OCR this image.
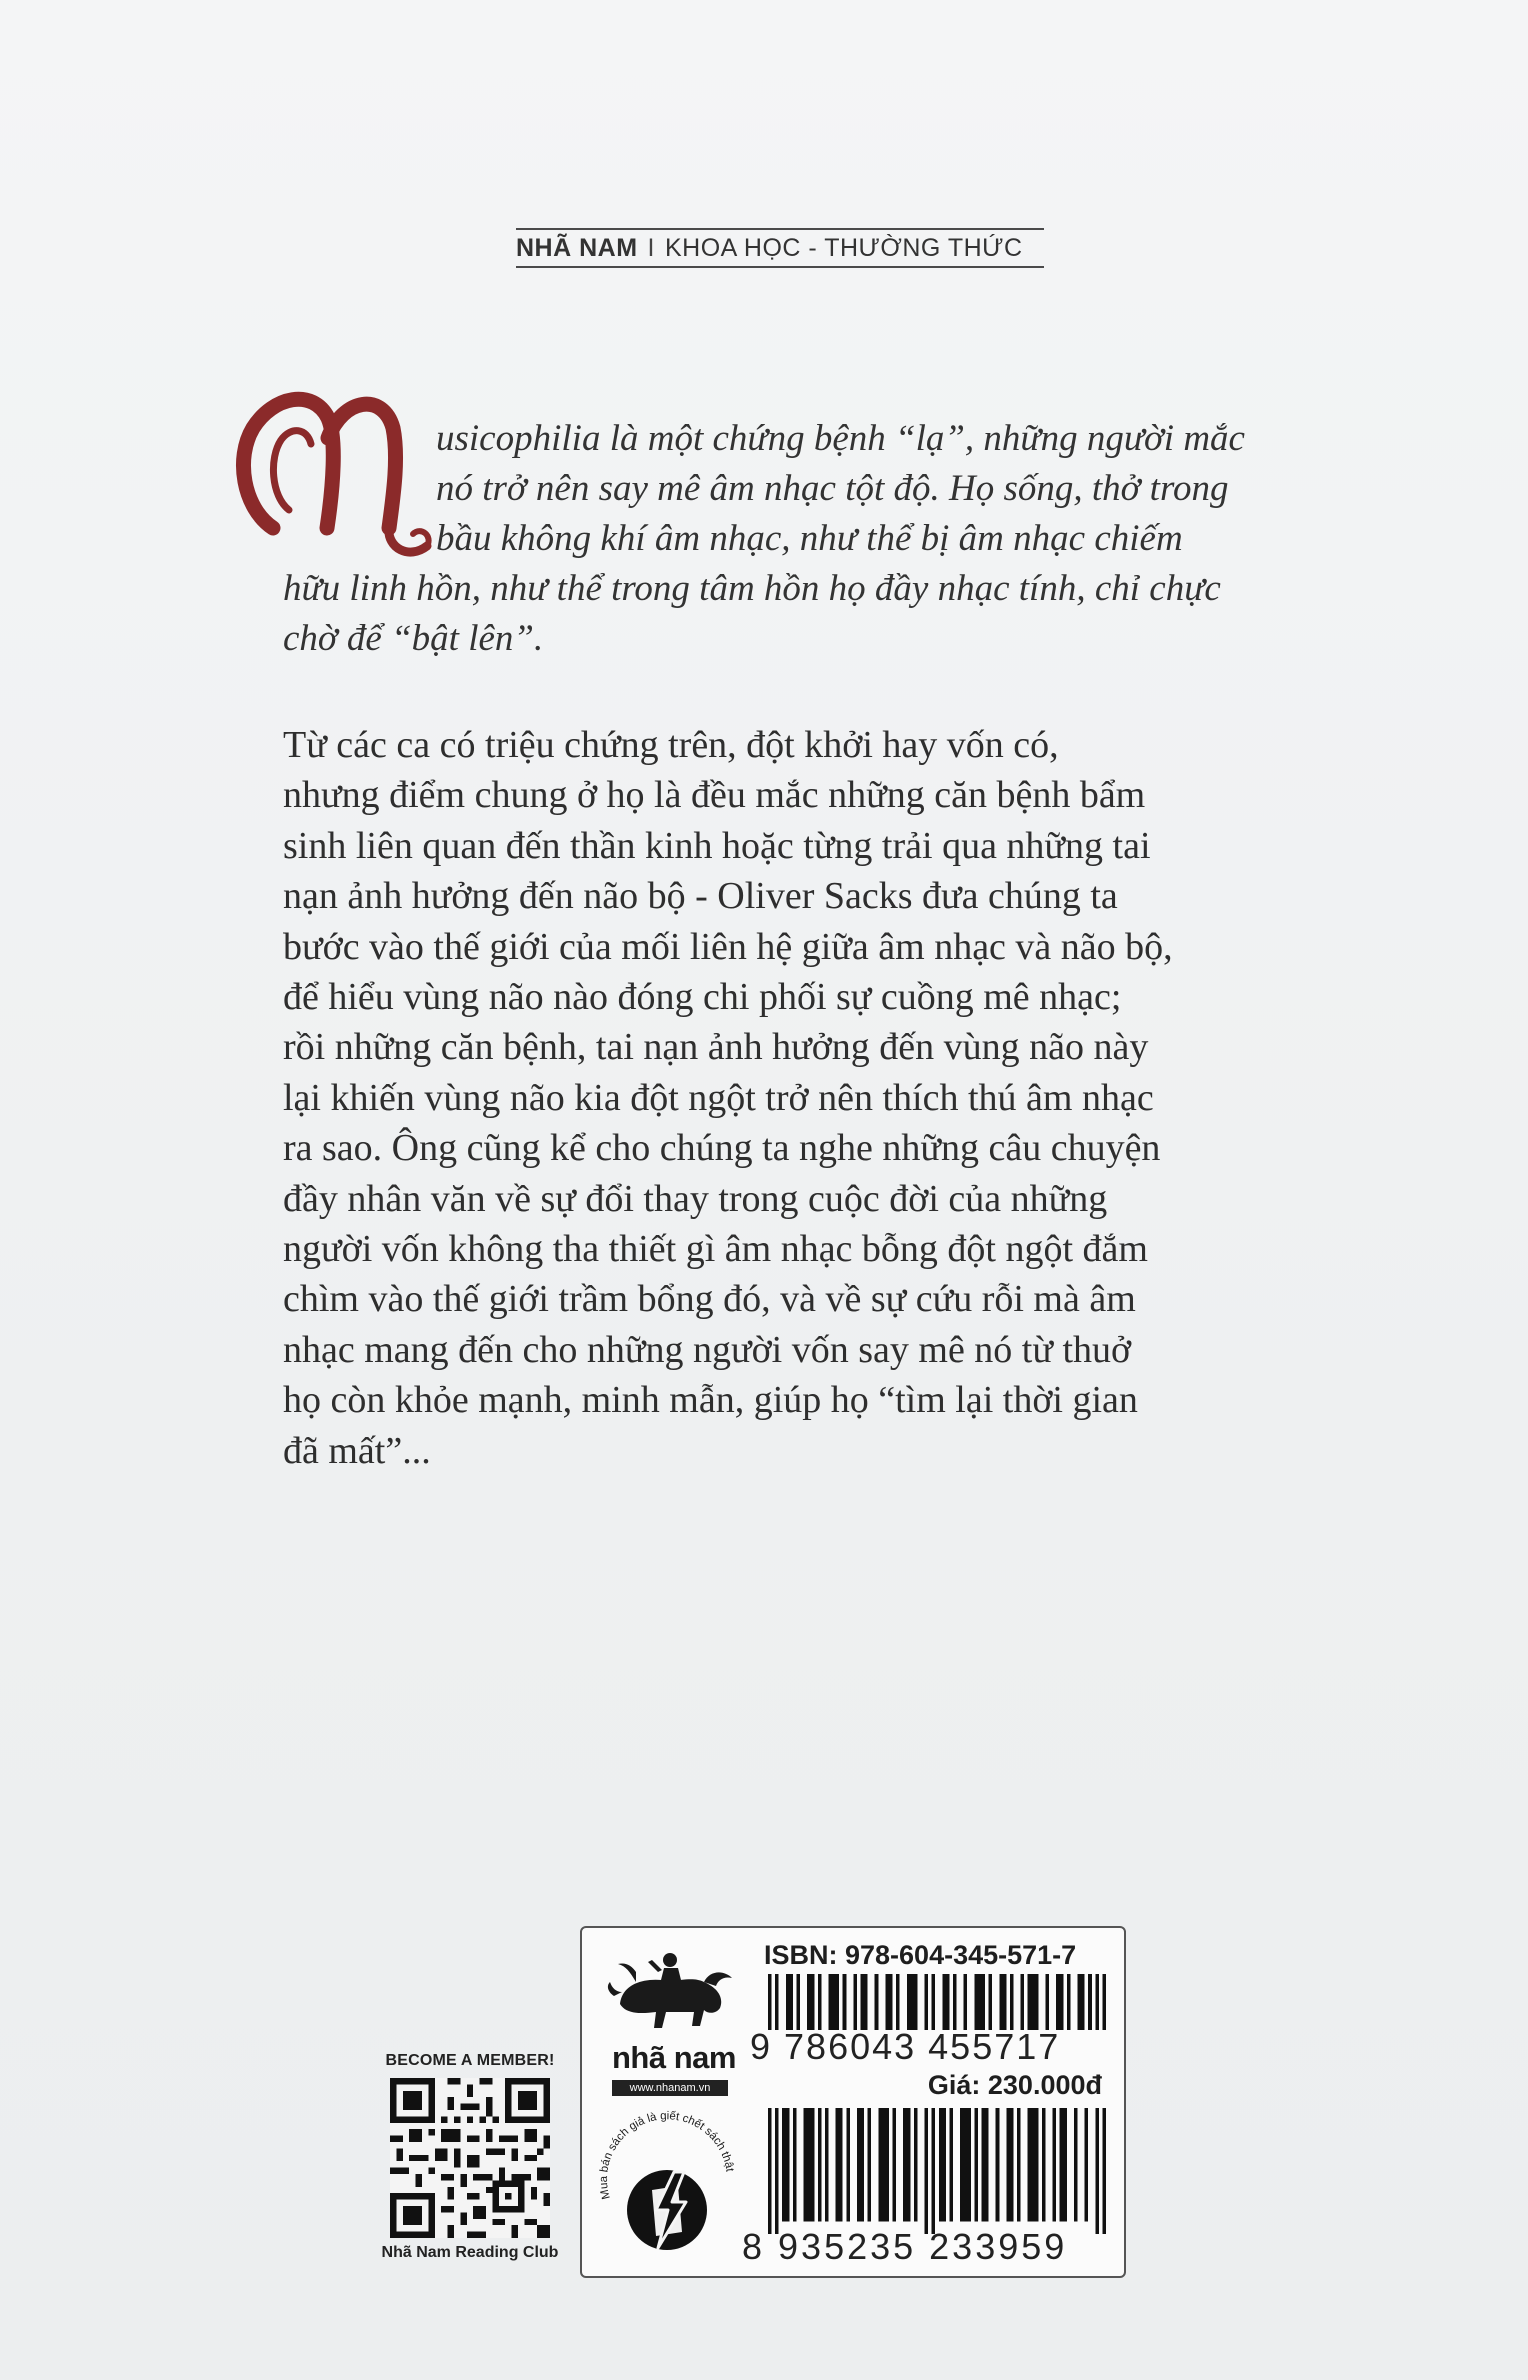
NHÃ NAM I KHOA HỌC - THƯỜNG THỨC
usicophilia là một chứng bệnh “lạ”, những người mắc
nó trở nên say mê âm nhạc tột độ. Họ sống, thở trong
bầu không khí âm nhạc, như thể bị âm nhạc chiếm
hữu linh hồn, như thể trong tâm hồn họ đầy nhạc tính, chỉ chực
chờ để “bật lên”.
Từ các ca có triệu chứng trên, đột khởi hay vốn có,
nhưng điểm chung ở họ là đều mắc những căn bệnh bẩm
sinh liên quan đến thần kinh hoặc từng trải qua những tai
nạn ảnh hưởng đến não bộ - Oliver Sacks đưa chúng ta
bước vào thế giới của mối liên hệ giữa âm nhạc và não bộ,
để hiểu vùng não nào đóng chi phối sự cuồng mê nhạc;
rồi những căn bệnh, tai nạn ảnh hưởng đến vùng não này
lại khiến vùng não kia đột ngột trở nên thích thú âm nhạc
ra sao. Ông cũng kể cho chúng ta nghe những câu chuyện
đầy nhân văn về sự đổi thay trong cuộc đời của những
người vốn không tha thiết gì âm nhạc bỗng đột ngột đắm
chìm vào thế giới trầm bổng đó, và về sự cứu rỗi mà âm
nhạc mang đến cho những người vốn say mê nó từ thuở
họ còn khỏe mạnh, minh mẫn, giúp họ “tìm lại thời gian
đã mất”...
BECOME A MEMBER!
Nhã Nam Reading Club
nhã nam
www.nhanam.vn
Mua bán sách giả là giết chết sách thật
ISBN: 978-604-345-571-7
9 786043 455717
Giá: 230.000đ
8 935235 233959
